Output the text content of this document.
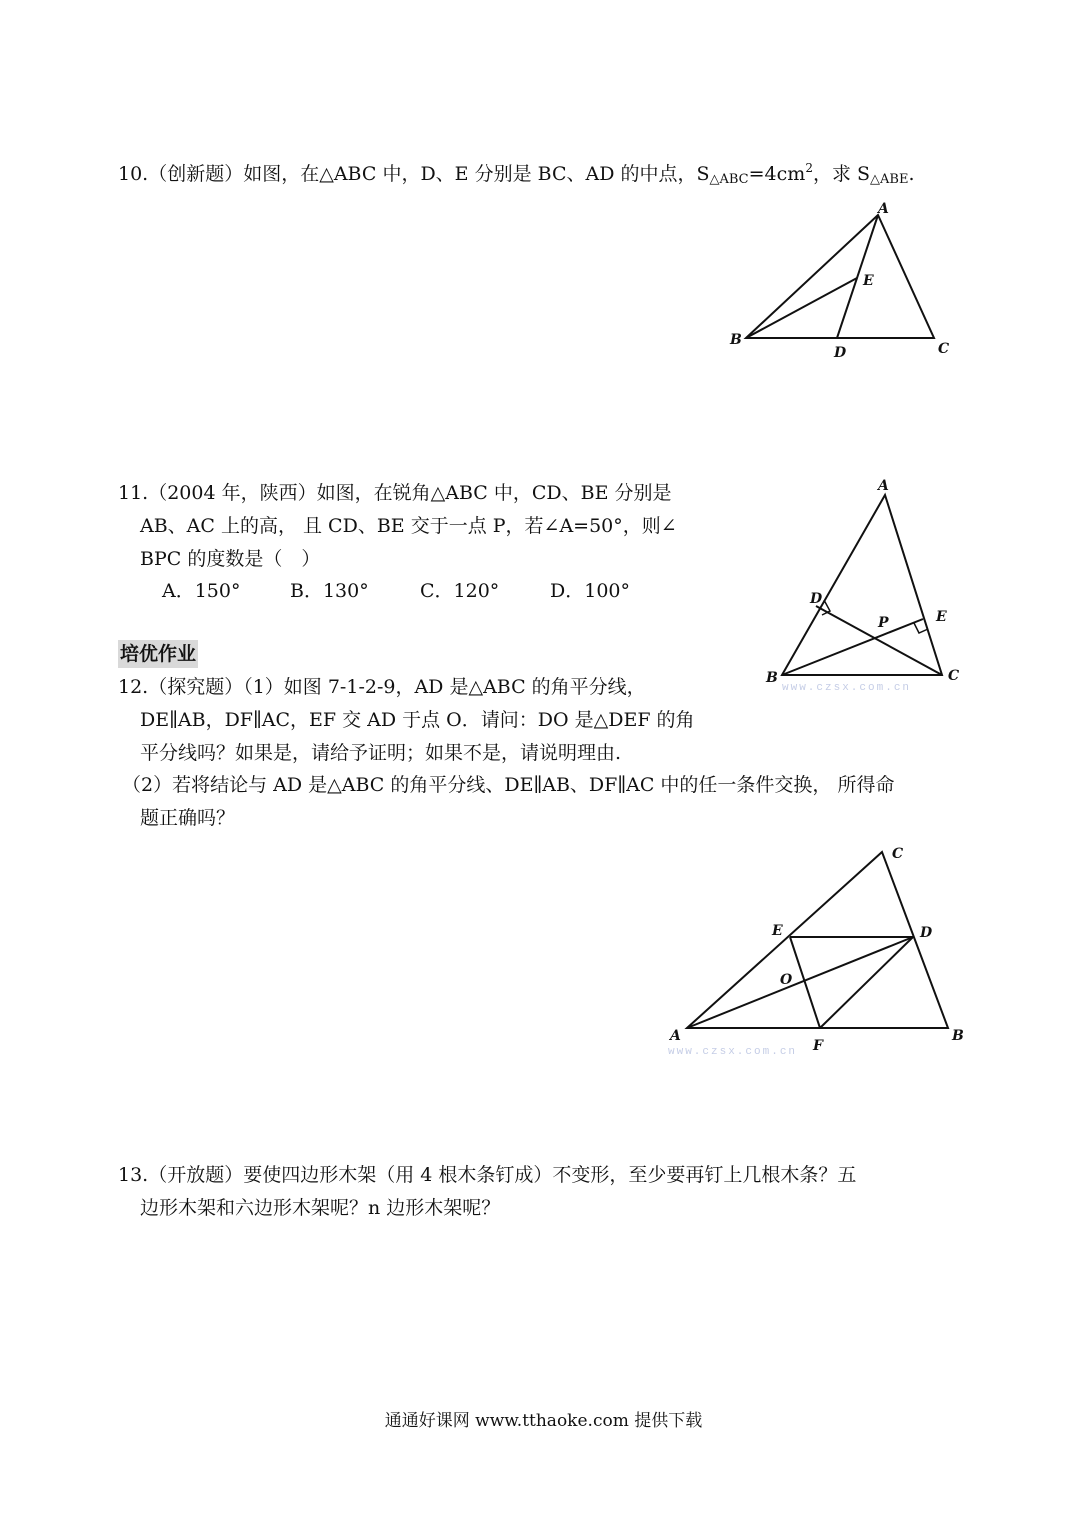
10.（创新题）如图，在△ABC 中，D、E 分别是 BC、AD 的中点，$S_{\triangle ABC}=4cm^2$，求 $S_{\triangle ABE}$.
A
B
C
D
E
11.（2004 年，陕西）如图，在锐角△ABC 中，CD、BE 分别是
AB、AC 上的高， 且 CD、BE 交于一点 P，若∠A=50°，则∠
BPC 的度数是（　）
A．150°	B．130°	C．120°	D．100°
A
B	C
D
E
P
www.czsx.com.cn
培优作业
12.（探究题）（1）如图 7-1-2-9，AD 是△ABC 的角平分线，
DE∥AB，DF∥AC，EF 交 AD 于点 O．请问：DO 是△DEF 的角
平分线吗？如果是，请给予证明；如果不是，请说明理由.
（2）若将结论与 AD 是△ABC 的角平分线、DE∥AB、DF∥AC 中的任一条件交换， 所得命
题正确吗？
A	B
C
D
E
F
O
www.czsx.com.cn
13.（开放题）要使四边形木架（用 4 根木条钉成）不变形，至少要再钉上几根木条？五
边形木架和六边形木架呢？n 边形木架呢？
通通好课网 www.tthaoke.com 提供下载
